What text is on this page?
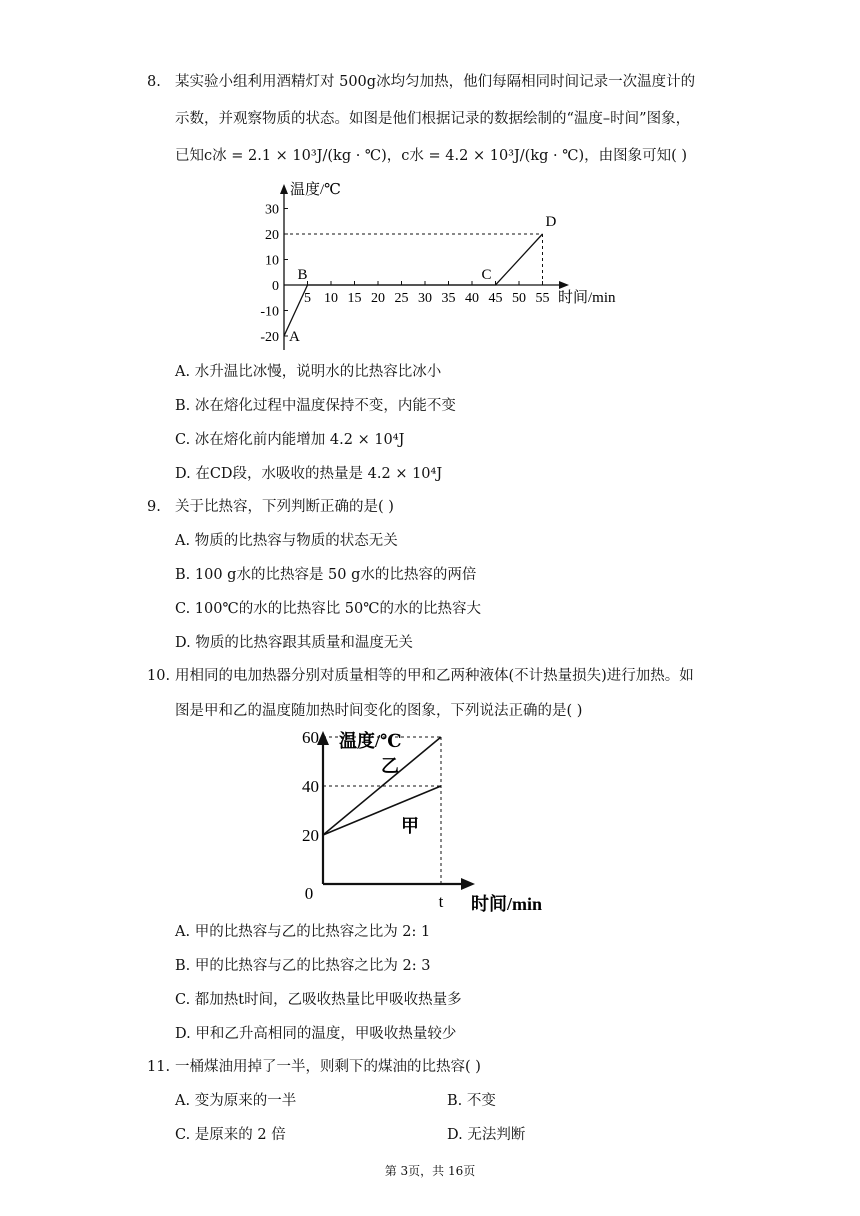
8. 某实验小组利用酒精灯对 500g冰均匀加热，他们每隔相同时间记录一次温度计的
示数，并观察物质的状态。如图是他们根据记录的数据绘制的“温度–时间”图象，
已知c冰 = 2.1 × 10³J/(kg · ℃)，c水 = 4.2 × 10³J/(kg · ℃)，由图象可知( )
温度/℃
时间/min
30
20
10
0
-10
-20
5 10 15 20 25 30 35 40 45 50 55
A
B	C
D
A. 水升温比冰慢，说明水的比热容比冰小
B. 冰在熔化过程中温度保持不变，内能不变
C. 冰在熔化前内能增加 4.2 × 10⁴J
D. 在CD段，水吸收的热量是 4.2 × 10⁴J
9. 关于比热容，下列判断正确的是( )
A. 物质的比热容与物质的状态无关
B. 100 g水的比热容是 50 g水的比热容的两倍
C. 100℃的水的比热容比 50℃的水的比热容大
D. 物质的比热容跟其质量和温度无关
10. 用相同的电加热器分别对质量相等的甲和乙两种液体(不计热量损失)进行加热。如
图是甲和乙的温度随加热时间变化的图象，下列说法正确的是( )
温度/℃
时间/min
0
60
40
20
t
乙
甲
A. 甲的比热容与乙的比热容之比为 2: 1
B. 甲的比热容与乙的比热容之比为 2: 3
C. 都加热t时间，乙吸收热量比甲吸收热量多
D. 甲和乙升高相同的温度，甲吸收热量较少
11. 一桶煤油用掉了一半，则剩下的煤油的比热容( )
A. 变为原来的一半	B. 不变
C. 是原来的 2 倍	D. 无法判断
第 3页，共 16页
